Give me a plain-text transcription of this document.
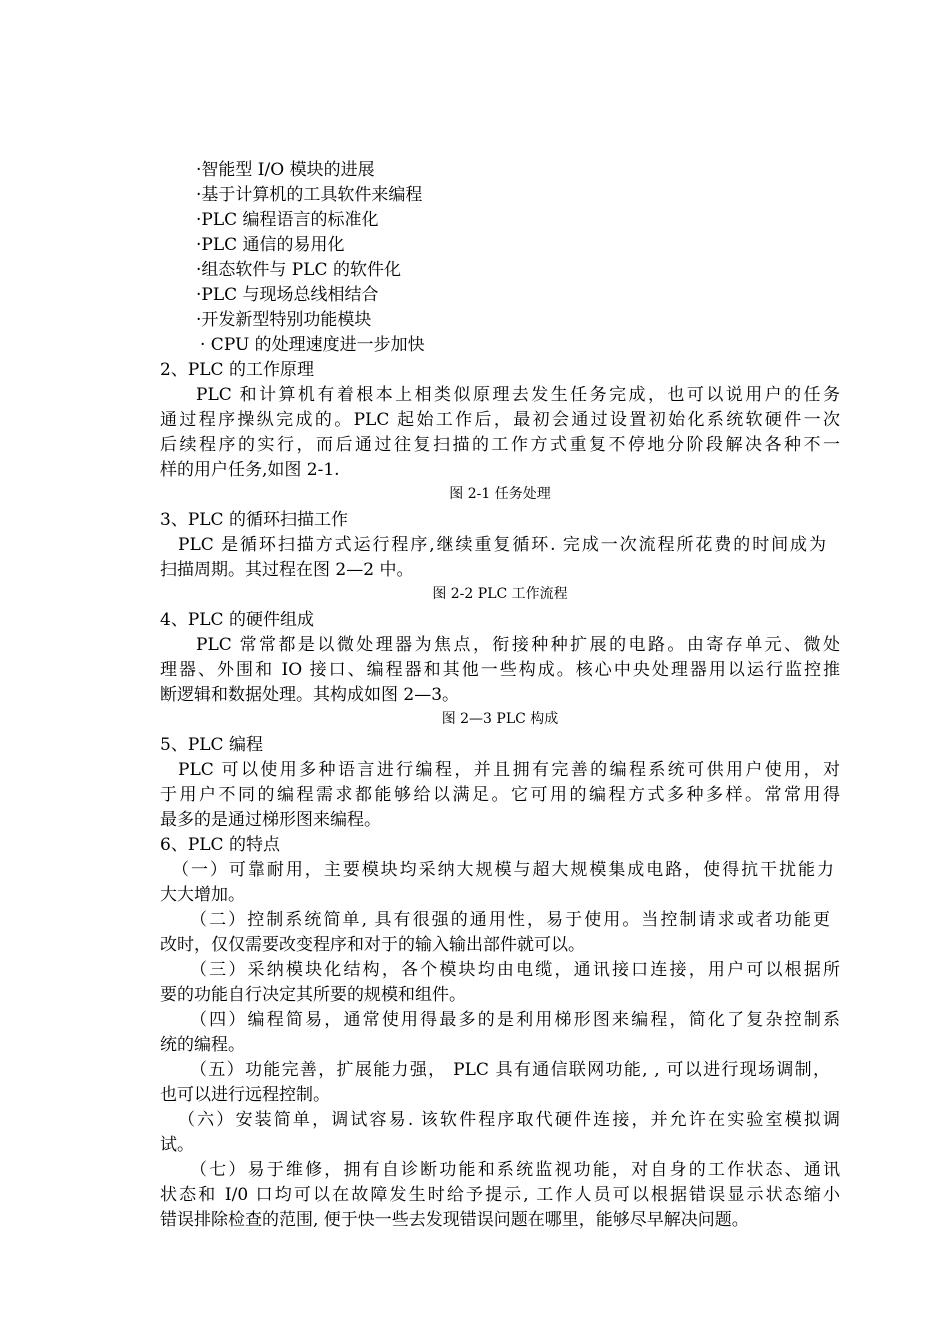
·智能型 I/O 模块的进展
·基于计算机的工具软件来编程
·PLC 编程语言的标准化
·PLC 通信的易用化
·组态软件与 PLC 的软件化
·PLC 与现场总线相结合
·开发新型特别功能模块
· CPU 的处理速度进一步加快
2、PLC 的工作原理
PLC 和计算机有着根本上相类似原理去发生任务完成，也可以说用户的任务
通过程序操纵完成的。PLC 起始工作后，最初会通过设置初始化系统软硬件一次
后续程序的实行，而后通过往复扫描的工作方式重复不停地分阶段解决各种不一
样的用户任务,如图 2-1.
图 2-1 任务处理
3、PLC 的循环扫描工作
PLC 是循环扫描方式运行程序,继续重复循环. 完成一次流程所花费的时间成为
扫描周期。其过程在图 2—2 中。
图 2-2 PLC 工作流程
4、PLC 的硬件组成
PLC 常常都是以微处理器为焦点，衔接种种扩展的电路。由寄存单元、微处
理器、外围和 IO 接口、编程器和其他一些构成。核心中央处理器用以运行监控推
断逻辑和数据处理。其构成如图 2—3。
图 2—3 PLC 构成
5、PLC 编程
PLC 可以使用多种语言进行编程，并且拥有完善的编程系统可供用户使用，对
于用户不同的编程需求都能够给以满足。它可用的编程方式多种多样。常常用得
最多的是通过梯形图来编程。
6、PLC 的特点
（一）可靠耐用，主要模块均采纳大规模与超大规模集成电路，使得抗干扰能力
大大增加。
（二）控制系统简单, 具有很强的通用性，易于使用。当控制请求或者功能更
改时，仅仅需要改变程序和对于的输入输出部件就可以。
（三）采纳模块化结构，各个模块均由电缆，通讯接口连接，用户可以根据所
要的功能自行决定其所要的规模和组件。
（四）编程简易，通常使用得最多的是利用梯形图来编程，简化了复杂控制系
统的编程。
（五）功能完善，扩展能力强， PLC 具有通信联网功能, , 可以进行现场调制，
也可以进行远程控制。
（六）安装简单，调试容易. 该软件程序取代硬件连接，并允许在实验室模拟调
试。
（七）易于维修，拥有自诊断功能和系统监视功能，对自身的工作状态、通讯
状态和 I/0 口均可以在故障发生时给予提示, 工作人员可以根据错误显示状态缩小
错误排除检查的范围, 便于快一些去发现错误问题在哪里，能够尽早解决问题。
